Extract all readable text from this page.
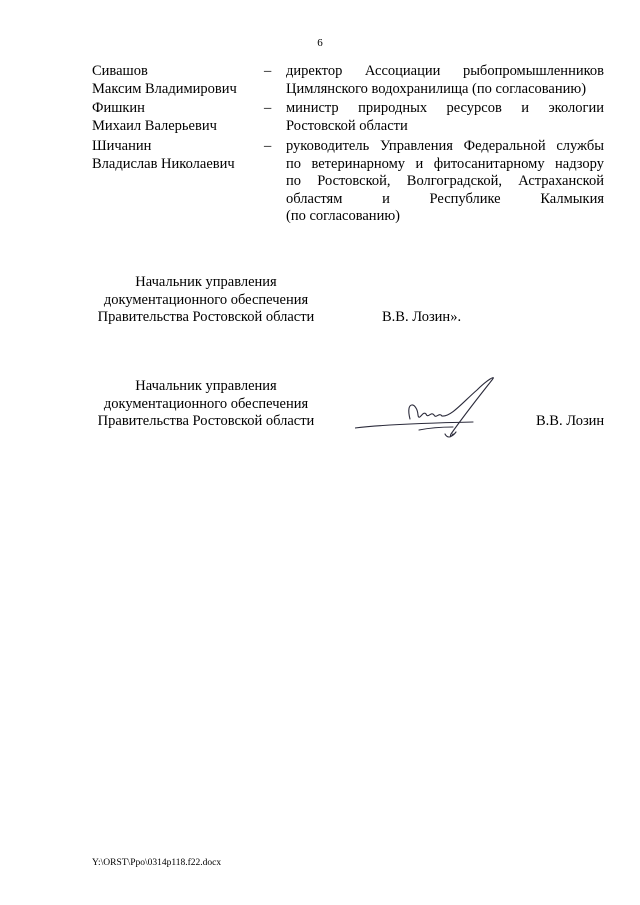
6
Сивашов
Максим Владимирович
– директор Ассоциации рыбопромышленников
Цимлянского водохранилища (по согласованию)
Фишкин
Михаил Валерьевич
– министр природных ресурсов и экологии
Ростовской области
Шичанин
Владислав Николаевич
– руководитель Управления Федеральной службы
по ветеринарному и фитосанитарному надзору
по Ростовской, Волгоградской, Астраханской
областям и Республике Калмыкия
(по согласованию)
Начальник управления
документационного обеспечения
Правительства Ростовской области	В.В. Лозин».
Начальник управления
документационного обеспечения
Правительства Ростовской области	В.В. Лозин
Y:\ORST\Ppo\0314p118.f22.docx
